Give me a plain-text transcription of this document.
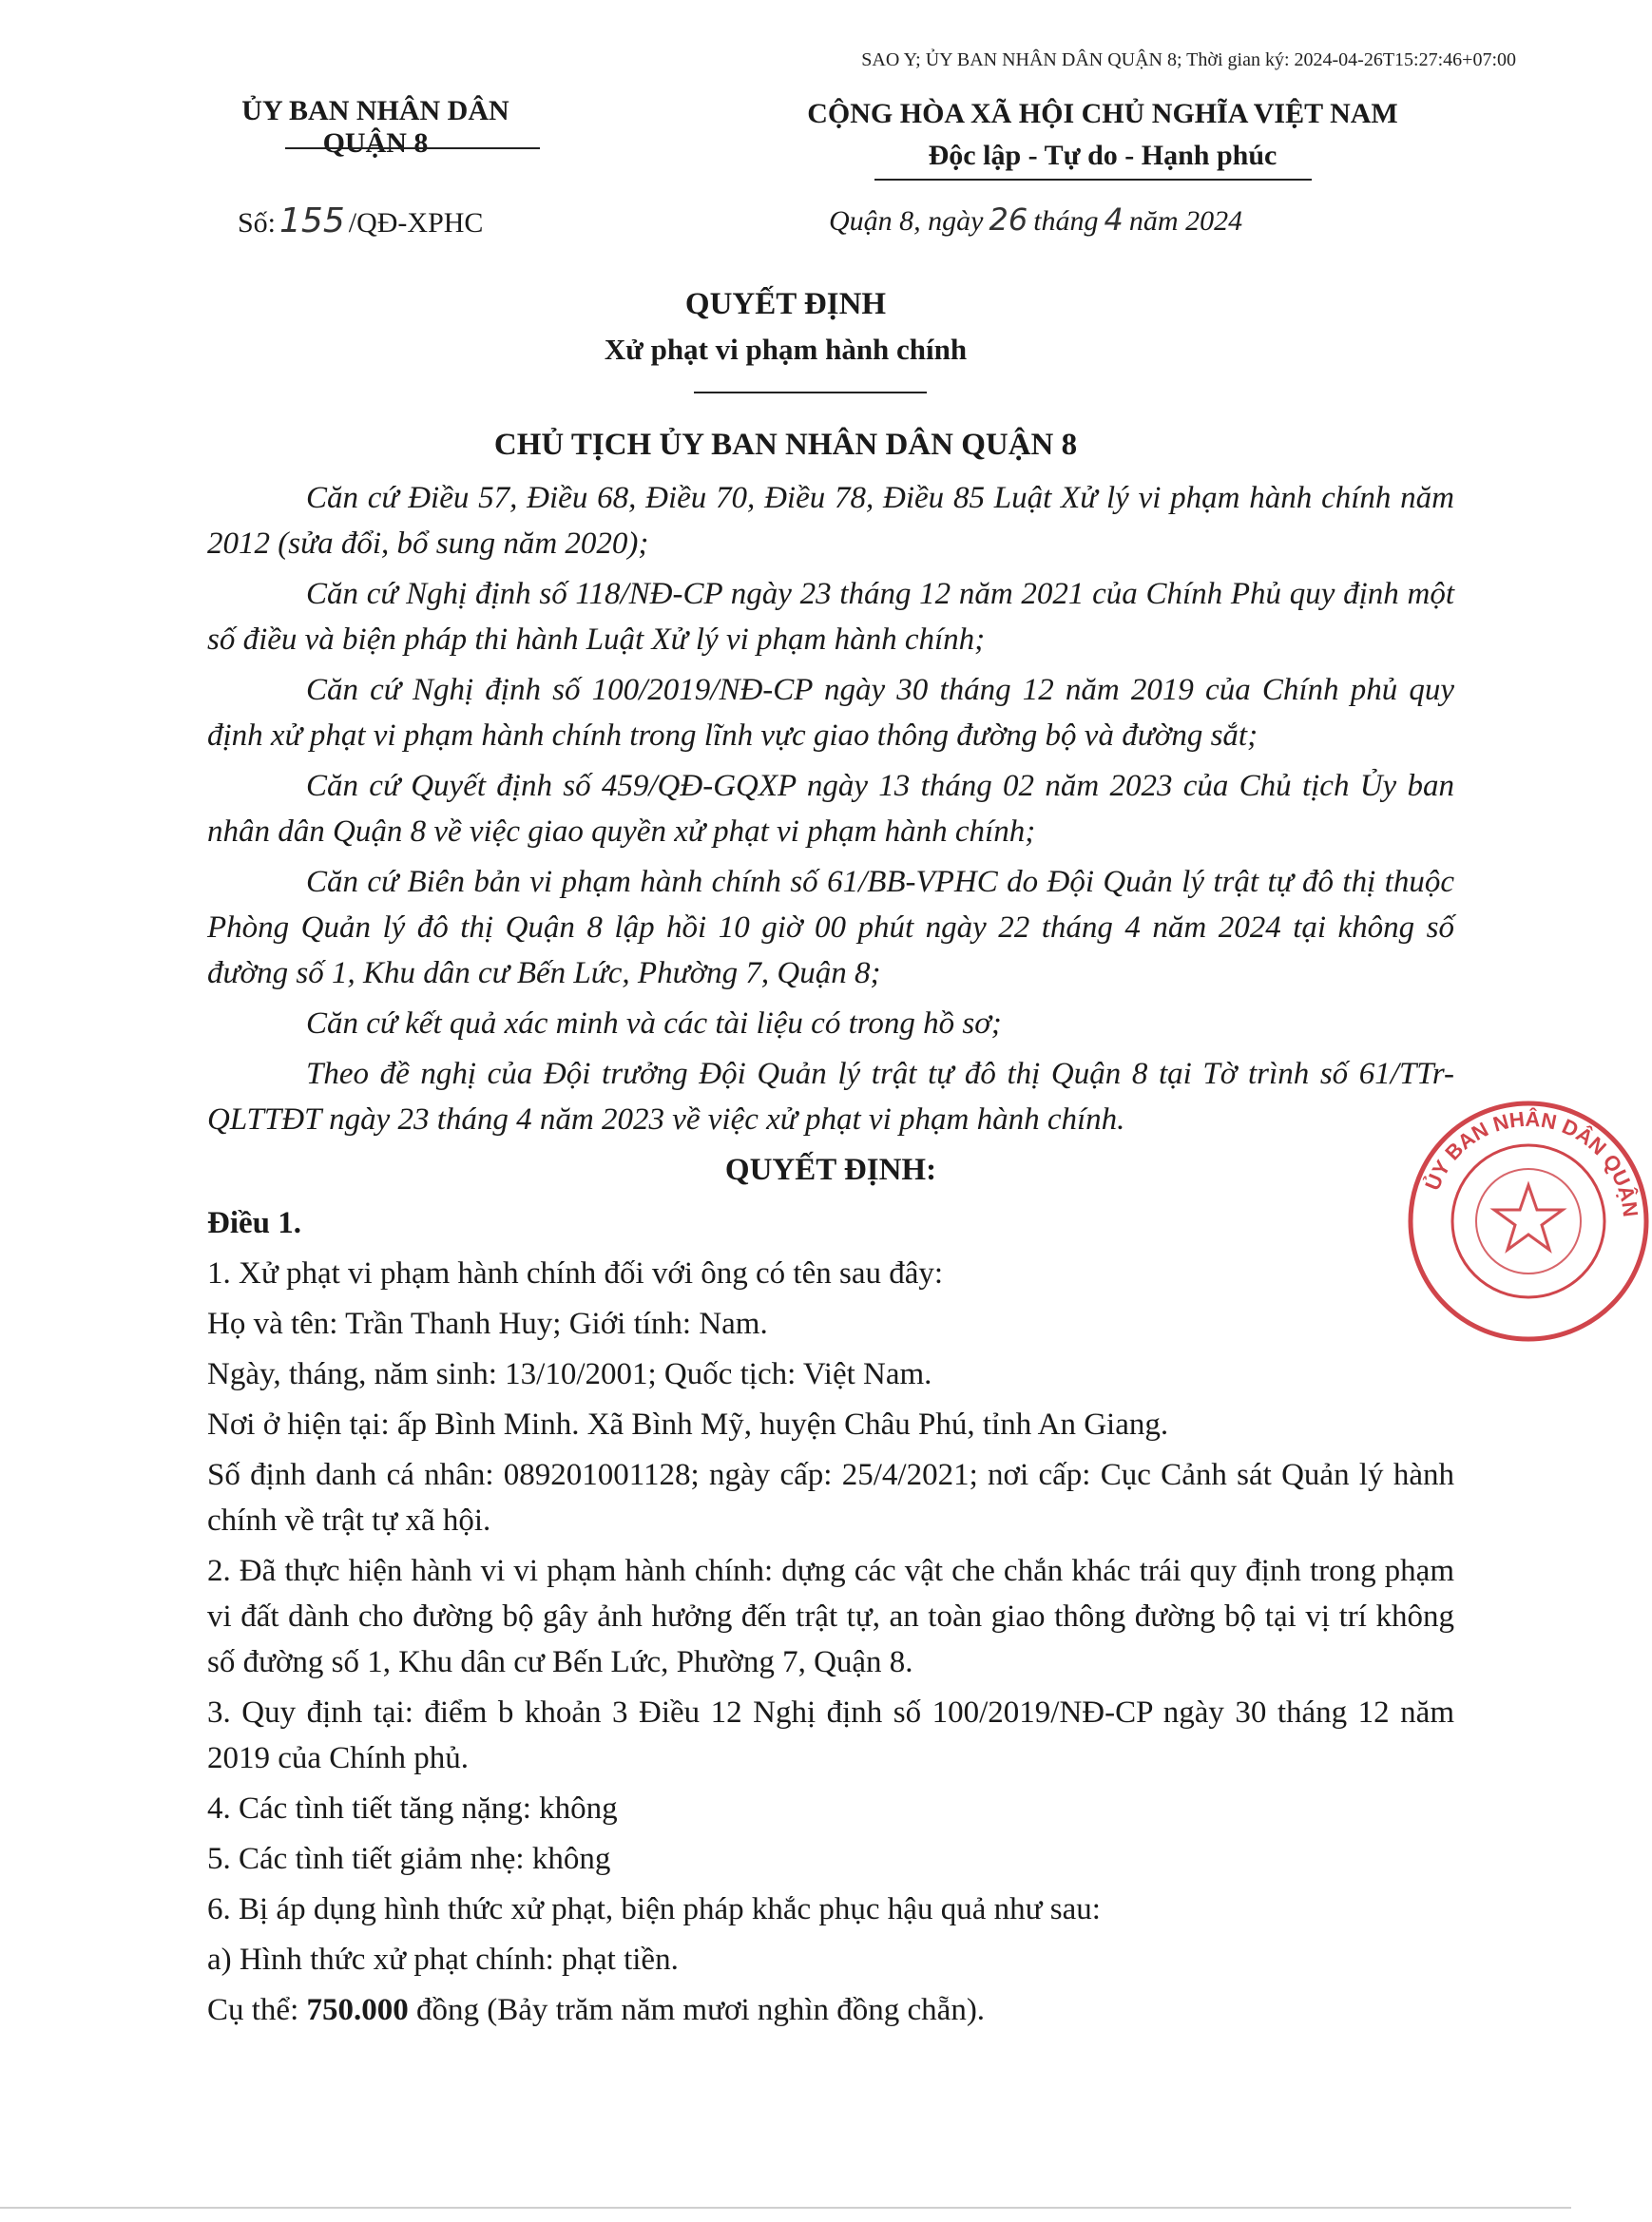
SAO Y; ỦY BAN NHÂN DÂN QUẬN 8; Thời gian ký: 2024-04-26T15:27:46+07:00
ỦY BAN NHÂN DÂN QUẬN 8
CỘNG HÒA XÃ HỘI CHỦ NGHĨA VIỆT NAM
Độc lập - Tự do - Hạnh phúc
Số: 155 /QĐ-XPHC	Quận 8, ngày 26 tháng 4 năm 2024
QUYẾT ĐỊNH
Xử phạt vi phạm hành chính
CHỦ TỊCH ỦY BAN NHÂN DÂN QUẬN 8

Căn cứ Điều 57, Điều 68, Điều 70, Điều 78, Điều 85 Luật Xử lý vi phạm hành chính năm 2012 (sửa đổi, bổ sung năm 2020);

Căn cứ Nghị định số 118/NĐ-CP ngày 23 tháng 12 năm 2021 của Chính Phủ quy định một số điều và biện pháp thi hành Luật Xử lý vi phạm hành chính;

Căn cứ Nghị định số 100/2019/NĐ-CP ngày 30 tháng 12 năm 2019 của Chính phủ quy định xử phạt vi phạm hành chính trong lĩnh vực giao thông đường bộ và đường sắt;

Căn cứ Quyết định số 459/QĐ-GQXP ngày 13 tháng 02 năm 2023 của Chủ tịch Ủy ban nhân dân Quận 8 về việc giao quyền xử phạt vi phạm hành chính;

Căn cứ Biên bản vi phạm hành chính số 61/BB-VPHC do Đội Quản lý trật tự đô thị thuộc Phòng Quản lý đô thị Quận 8 lập hồi 10 giờ 00 phút ngày 22 tháng 4 năm 2024 tại không số đường số 1, Khu dân cư Bến Lức, Phường 7, Quận 8;

Căn cứ kết quả xác minh và các tài liệu có trong hồ sơ;

Theo đề nghị của Đội trưởng Đội Quản lý trật tự đô thị Quận 8 tại Tờ trình số 61/TTr-QLTTĐT ngày 23 tháng 4 năm 2023 về việc xử phạt vi phạm hành chính.

QUYẾT ĐỊNH:

Điều 1.

1. Xử phạt vi phạm hành chính đối với ông có tên sau đây:

Họ và tên: Trần Thanh Huy; Giới tính: Nam.

Ngày, tháng, năm sinh: 13/10/2001; Quốc tịch: Việt Nam.

Nơi ở hiện tại: ấp Bình Minh. Xã Bình Mỹ, huyện Châu Phú, tỉnh An Giang.

Số định danh cá nhân: 089201001128; ngày cấp: 25/4/2021; nơi cấp: Cục Cảnh sát Quản lý hành chính về trật tự xã hội.

2. Đã thực hiện hành vi vi phạm hành chính: dựng các vật che chắn khác trái quy định trong phạm vi đất dành cho đường bộ gây ảnh hưởng đến trật tự, an toàn giao thông đường bộ tại vị trí không số đường số 1, Khu dân cư Bến Lức, Phường 7, Quận 8.

3. Quy định tại: điểm b khoản 3 Điều 12 Nghị định số 100/2019/NĐ-CP ngày 30 tháng 12 năm 2019 của Chính phủ.

4. Các tình tiết tăng nặng: không

5. Các tình tiết giảm nhẹ: không

6. Bị áp dụng hình thức xử phạt, biện pháp khắc phục hậu quả như sau:

a) Hình thức xử phạt chính: phạt tiền.

Cụ thể: 750.000 đồng (Bảy trăm năm mươi nghìn đồng chẵn).

ỦY BAN NHÂN DÂN QUẬN
